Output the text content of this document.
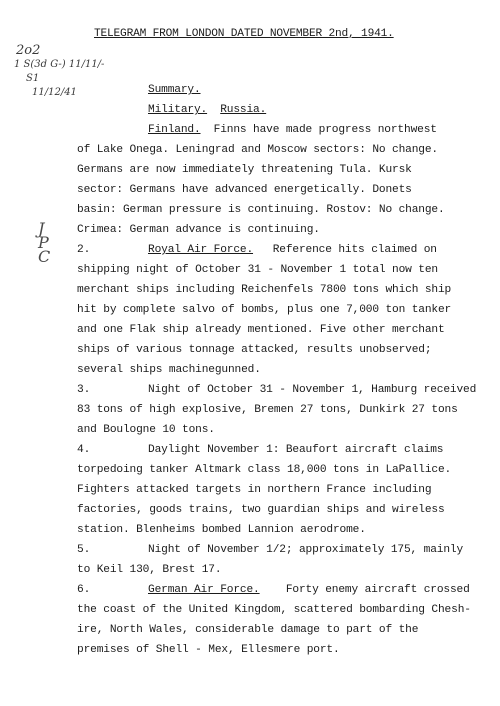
TELEGRAM FROM LONDON DATED NOVEMBER 2nd, 1941.
2o2
1 S(3d G-) 11/11/-
S1
11/12/41
J
P
C
Summary.
Military. Russia.
Finland. Finns have made progress northwest
of Lake Onega. Leningrad and Moscow sectors: No change.
Germans are now immediately threatening Tula. Kursk
sector: Germans have advanced energetically. Donets
basin: German pressure is continuing. Rostov: No change.
Crimea: German advance is continuing.
2.	Royal Air Force. Reference hits claimed on
shipping night of October 31 - November 1 total now ten
merchant ships including Reichenfels 7800 tons which ship
hit by complete salvo of bombs, plus one 7,000 ton tanker
and one Flak ship already mentioned. Five other merchant
ships of various tonnage attacked, results unobserved;
several ships machinegunned.
3.	Night of October 31 - November 1, Hamburg received
83 tons of high explosive, Bremen 27 tons, Dunkirk 27 tons
and Boulogne 10 tons.
4.	Daylight November 1: Beaufort aircraft claims
torpedoing tanker Altmark class 18,000 tons in LaPallice.
Fighters attacked targets in northern France including
factories, goods trains, two guardian ships and wireless
station. Blenheims bombed Lannion aerodrome.
5.	Night of November 1/2; approximately 175, mainly
to Keil 130, Brest 17.
6.	German Air Force. Forty enemy aircraft crossed
the coast of the United Kingdom, scattered bombarding Chesh-
ire, North Wales, considerable damage to part of the
premises of Shell - Mex, Ellesmere port.
